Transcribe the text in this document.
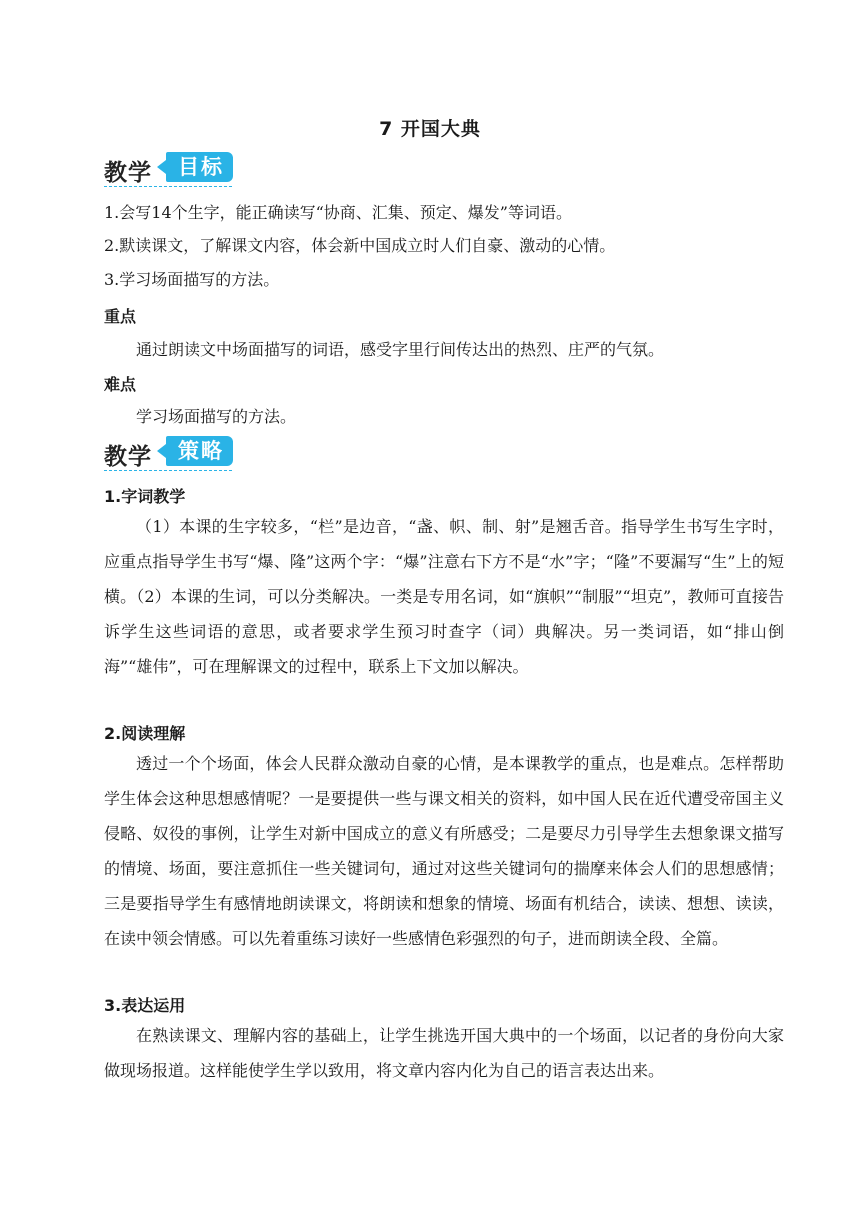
7 开国大典
教学	目标
1.会写14个生字，能正确读写“协商、汇集、预定、爆发”等词语。
2.默读课文，了解课文内容，体会新中国成立时人们自豪、激动的心情。
3.学习场面描写的方法。
重点
通过朗读文中场面描写的词语，感受字里行间传达出的热烈、庄严的气氛。
难点
学习场面描写的方法。
教学	策略
1.字词教学
（1）本课的生字较多，“栏”是边音，“盏、帜、制、射”是翘舌音。指导学生书写生字时，应重点指导学生书写“爆、隆”这两个字：“爆”注意右下方不是“水”字；“隆”不要漏写“生”上的短横。（2）本课的生词，可以分类解决。一类是专用名词，如“旗帜”“制服”“坦克”，教师可直接告诉学生这些词语的意思，或者要求学生预习时查字（词）典解决。另一类词语，如“排山倒海”“雄伟”，可在理解课文的过程中，联系上下文加以解决。
2.阅读理解
透过一个个场面，体会人民群众激动自豪的心情，是本课教学的重点，也是难点。怎样帮助学生体会这种思想感情呢？一是要提供一些与课文相关的资料，如中国人民在近代遭受帝国主义侵略、奴役的事例，让学生对新中国成立的意义有所感受；二是要尽力引导学生去想象课文描写的情境、场面，要注意抓住一些关键词句，通过对这些关键词句的揣摩来体会人们的思想感情；三是要指导学生有感情地朗读课文，将朗读和想象的情境、场面有机结合，读读、想想、读读，在读中领会情感。可以先着重练习读好一些感情色彩强烈的句子，进而朗读全段、全篇。
3.表达运用
在熟读课文、理解内容的基础上，让学生挑选开国大典中的一个场面，以记者的身份向大家做现场报道。这样能使学生学以致用，将文章内容内化为自己的语言表达出来。
